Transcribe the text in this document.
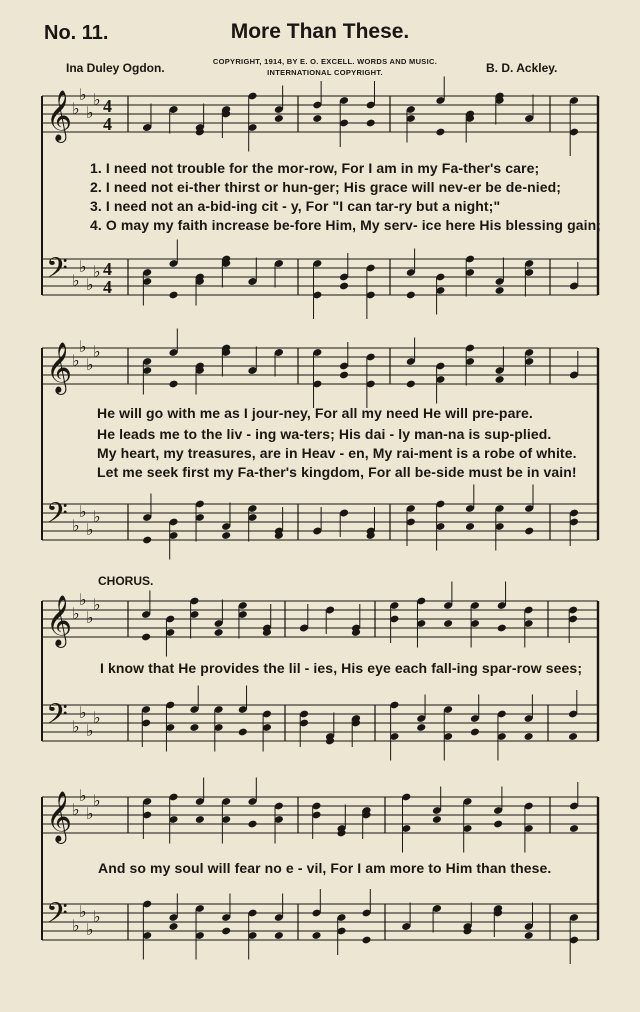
𝄞
𝄢
♭
♭
♭
♭
♭
♭
♭
♭
4
4
4
4
𝄞
𝄢
♭
♭
♭
♭
♭
♭
♭
♭
𝄞
𝄢
♭
♭
♭
♭
♭
♭
♭
♭
𝄞
𝄢
♭
♭
♭
♭
♭
♭
♭
♭
No. 11.	More Than These.
Ina Duley Ogdon.	COPYRIGHT, 1914, BY E. O. EXCELL. WORDS AND MUSIC.
INTERNATIONAL COPYRIGHT.	B. D. Ackley.
1. I need not trouble for the mor-row, For I am in my Fa-ther's care;
2. I need not ei-ther thirst or hun-ger; His grace will nev-er be de-nied;
3. I need not an a-bid-ing cit - y, For "I can tar-ry but a night;"
4. O may my faith increase be-fore Him, My serv- ice here His blessing gain;
He will go with me as I jour-ney, For all my need He will pre-pare.
He leads me to the liv - ing wa-ters; His dai - ly man-na is sup-plied.
My heart, my treasures, are in Heav - en, My rai-ment is a robe of white.
Let me seek first my Fa-ther's kingdom, For all be-side must be in vain!
CHORUS.
I know that He provides the lil - ies, His eye each fall-ing spar-row sees;
And so my soul will fear no e - vil, For I am more to Him than these.
